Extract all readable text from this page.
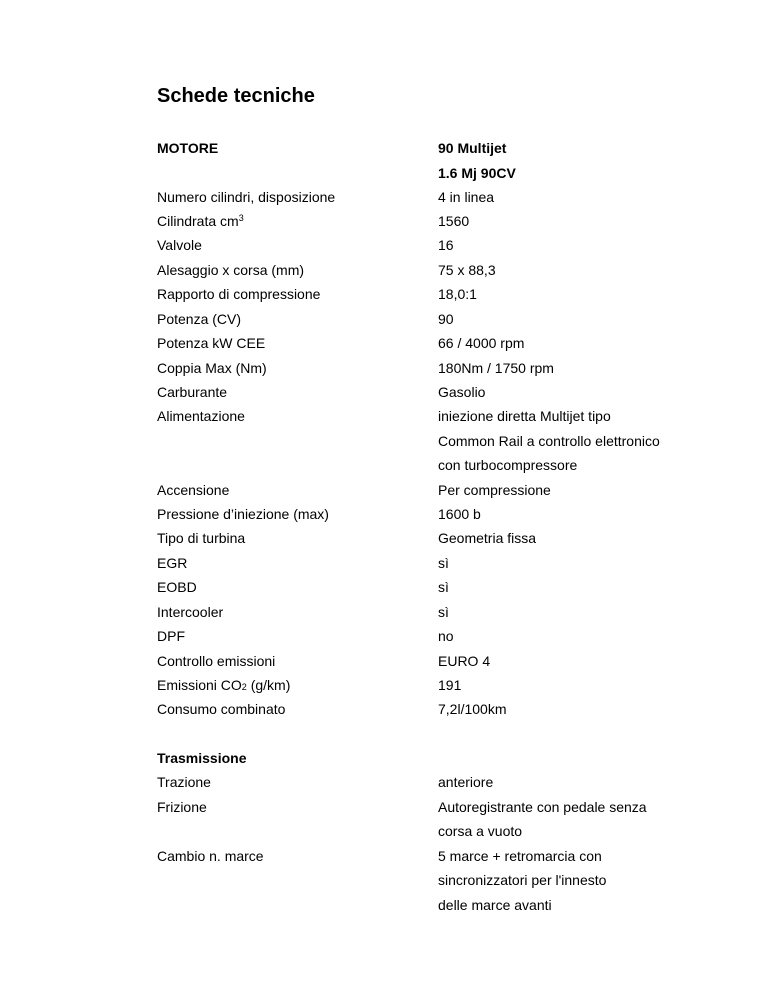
Schede tecniche
MOTORE	90 Multijet
1.6 Mj 90CV
Numero cilindri, disposizione	4 in linea
Cilindrata $cm^3$	1560
Valvole	16
Alesaggio x corsa (mm)	75 x 88,3
Rapporto di compressione	18,0:1
Potenza (CV)	90
Potenza kW CEE	66 / 4000 rpm
Coppia Max (Nm)	180Nm / 1750 rpm
Carburante	Gasolio
Alimentazione	iniezione diretta Multijet tipo
Common Rail a controllo elettronico
con turbocompressore
Accensione	Per compressione
Pressione d’iniezione (max)	1600 b
Tipo di turbina	Geometria fissa
EGR	sì
EOBD	sì
Intercooler	sì
DPF	no
Controllo emissioni	EURO 4
Emissioni $CO_2$ (g/km)	191
Consumo combinato	7,2l/100km
Trasmissione
Trazione	anteriore
Frizione	Autoregistrante con pedale senza
corsa a vuoto
Cambio n. marce	5 marce + retromarcia con
sincronizzatori per l'innesto
delle marce avanti
